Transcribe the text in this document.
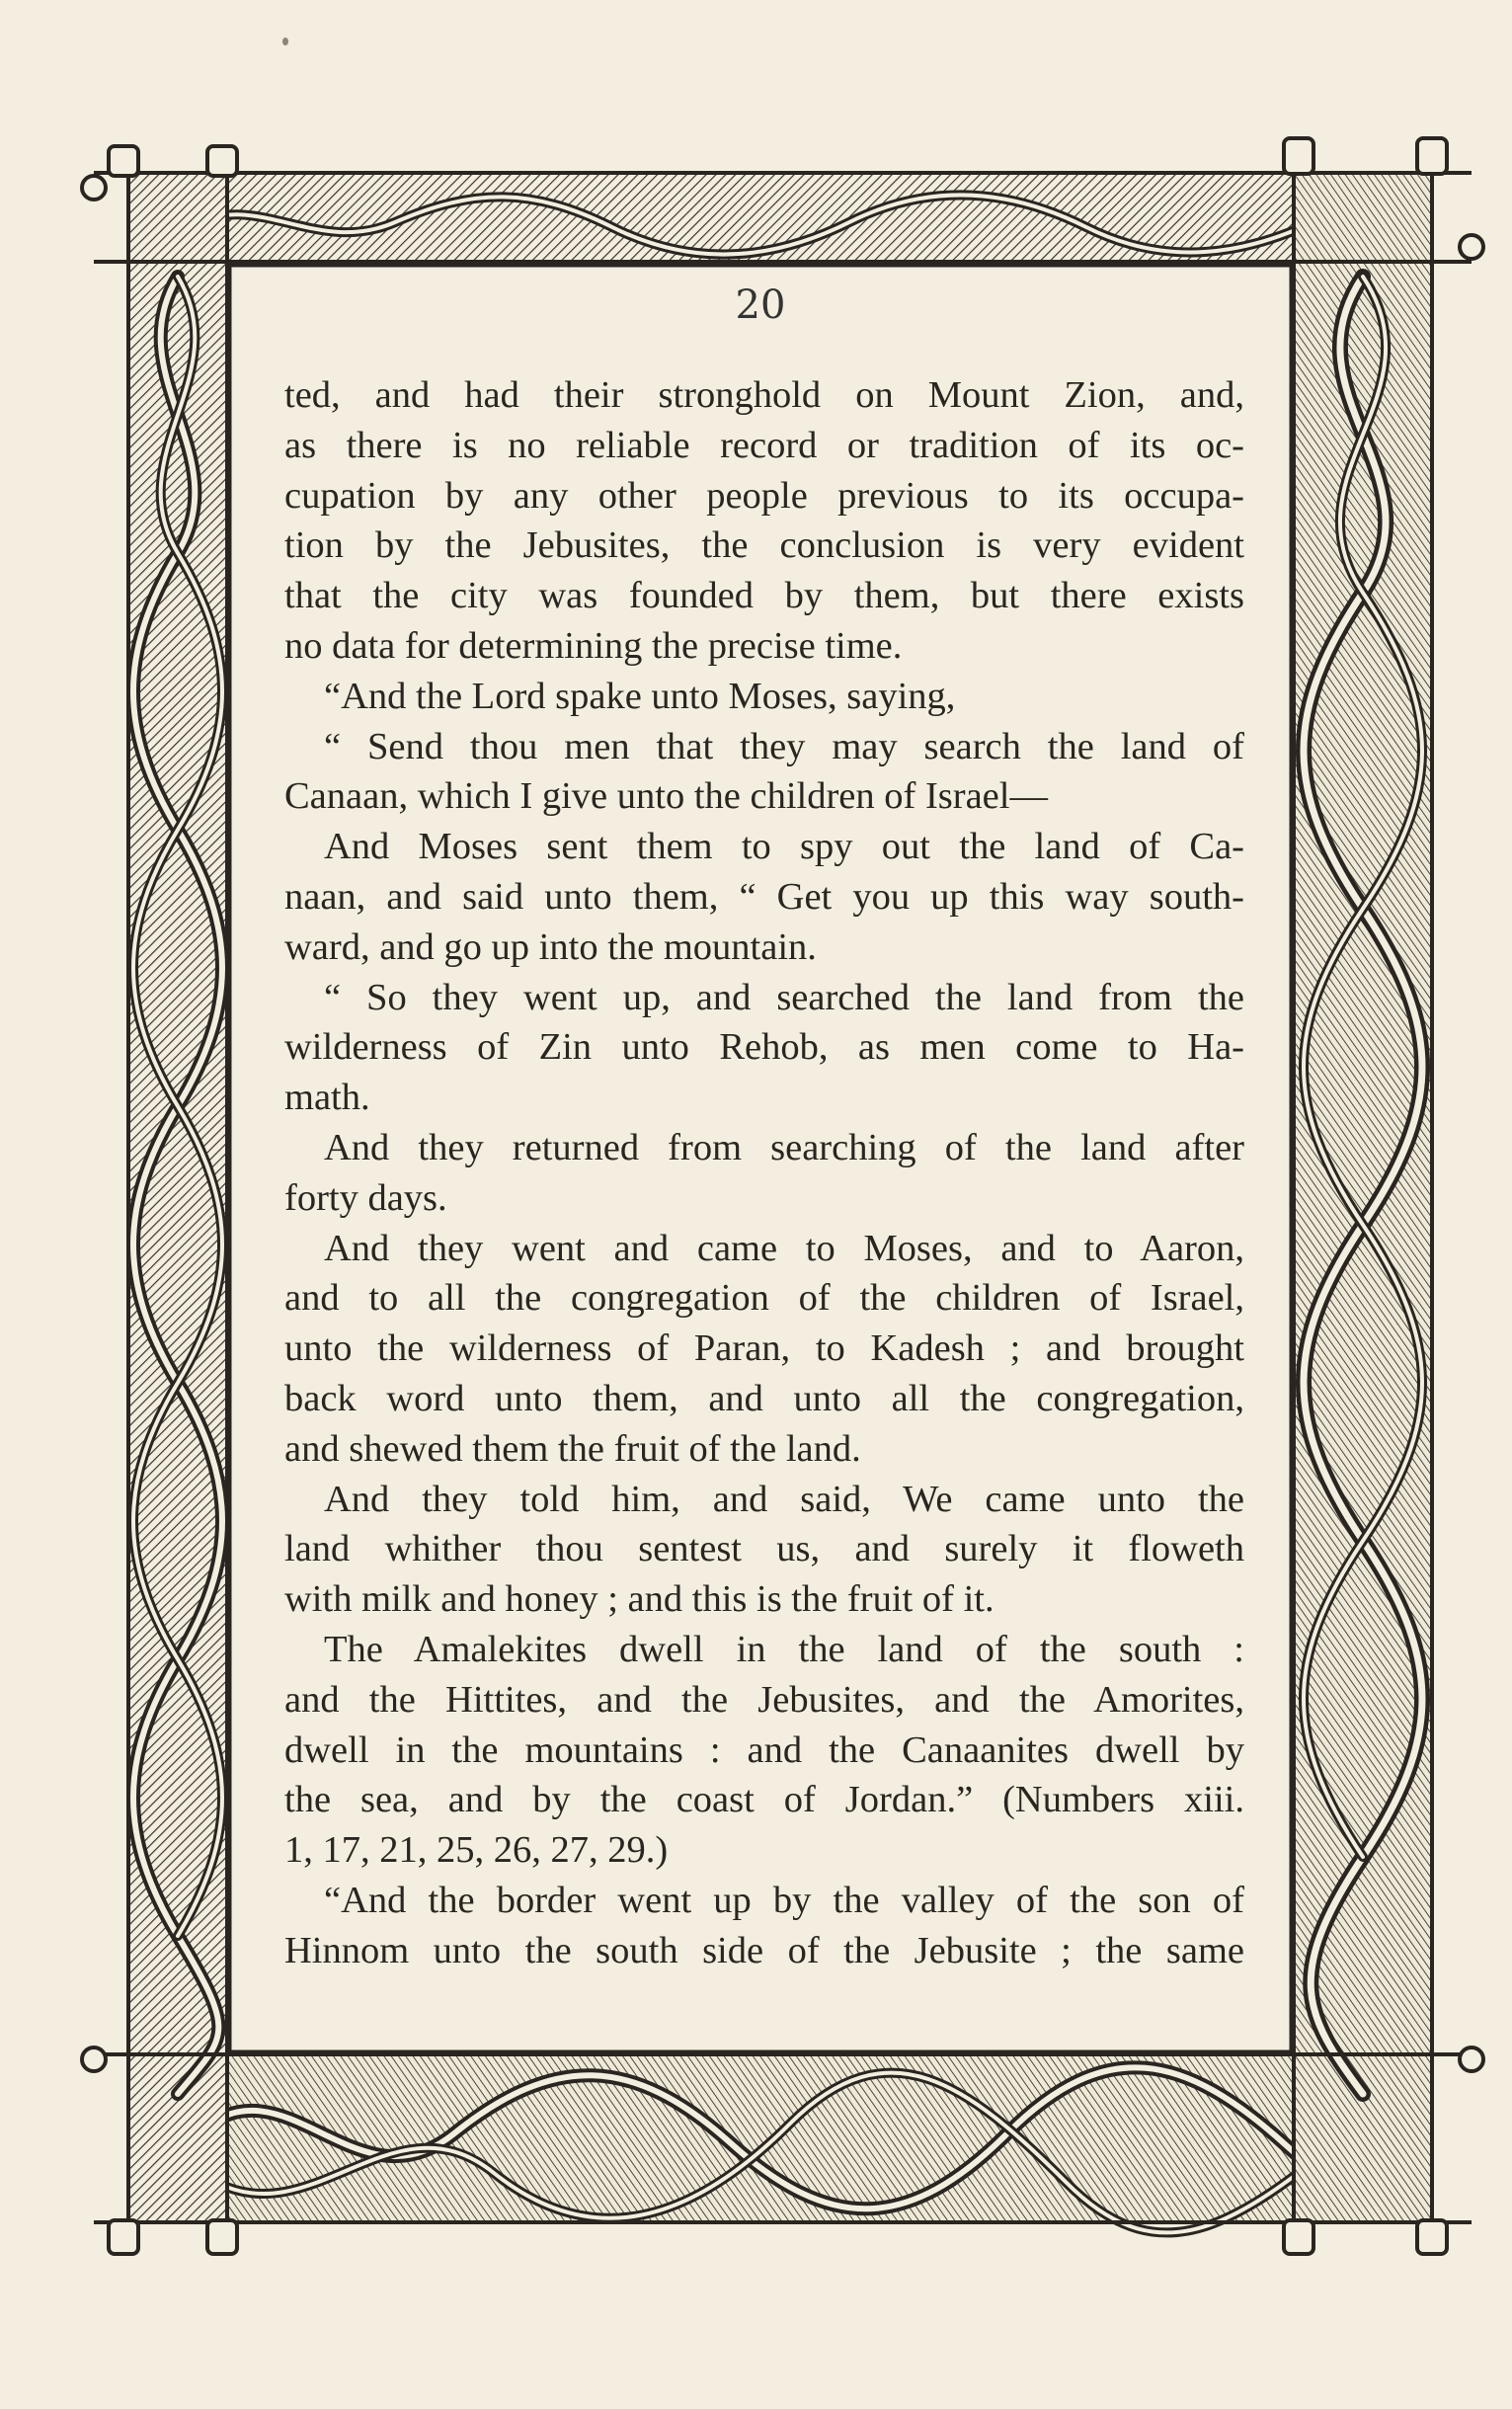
20
ted, and had their stronghold on Mount Zion, and,
as there is no reliable record or tradition of its oc-
cupation by any other people previous to its occupa-
tion by the Jebusites, the conclusion is very evident
that the city was founded by them, but there exists
no data for determining the precise time.
“And the Lord spake unto Moses, saying,
“ Send thou men that they may search the land of
Canaan, which I give unto the children of Israel—
And Moses sent them to spy out the land of Ca-
naan, and said unto them, “ Get you up this way south-
ward, and go up into the mountain.
“ So they went up, and searched the land from the
wilderness of Zin unto Rehob, as men come to Ha-
math.
And they returned from searching of the land after
forty days.
And they went and came to Moses, and to Aaron,
and to all the congregation of the children of Israel,
unto the wilderness of Paran, to Kadesh ; and brought
back word unto them, and unto all the congregation,
and shewed them the fruit of the land.
And they told him, and said, We came unto the
land whither thou sentest us, and surely it floweth
with milk and honey ; and this is the fruit of it.
The Amalekites dwell in the land of the south :
and the Hittites, and the Jebusites, and the Amorites,
dwell in the mountains : and the Canaanites dwell by
the sea, and by the coast of Jordan.” (Numbers xiii.
1, 17, 21, 25, 26, 27, 29.)
“And the border went up by the valley of the son of
Hinnom unto the south side of the Jebusite ; the same
